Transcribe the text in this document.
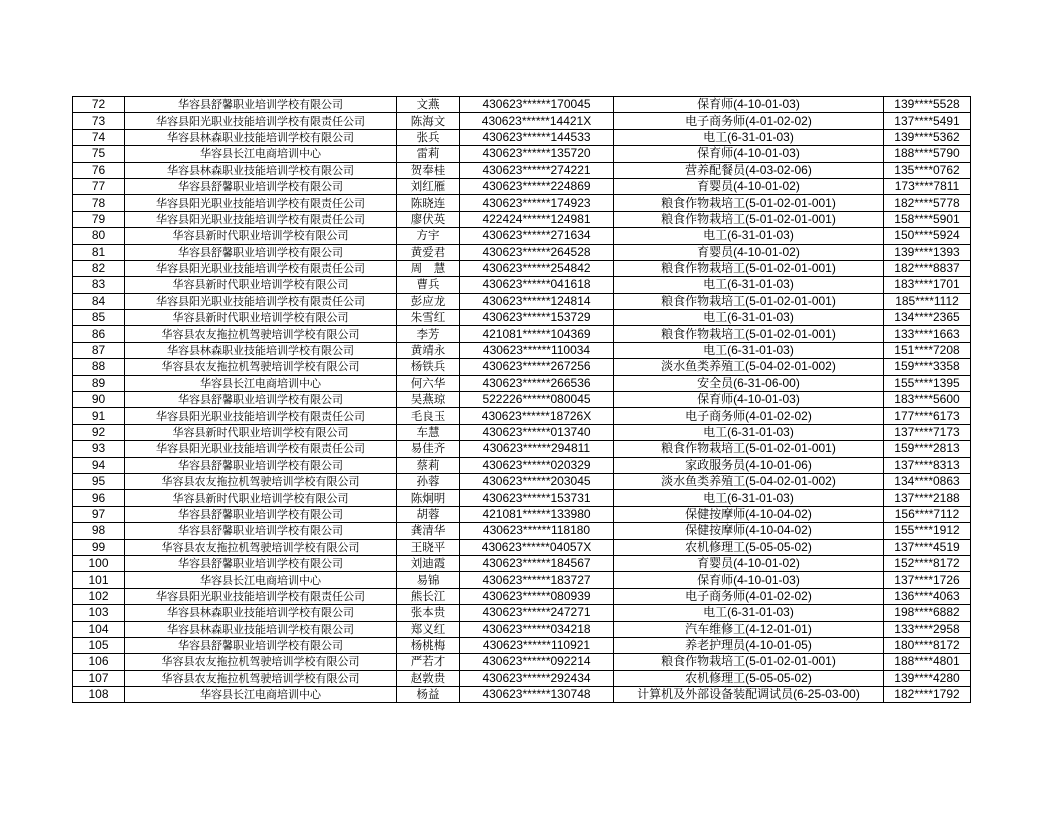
72	华容县舒馨职业培训学校有限公司	文燕	430623******170045	保育师(4-10-01-03)	139****5528
73	华容县阳光职业技能培训学校有限责任公司	陈海文	430623******14421X	电子商务师(4-01-02-02)	137****5491
74	华容县林森职业技能培训学校有限公司	张兵	430623******144533	电工(6-31-01-03)	139****5362
75	华容县长江电商培训中心	雷莉	430623******135720	保育师(4-10-01-03)	188****5790
76	华容县林森职业技能培训学校有限公司	贺奉桂	430623******274221	营养配餐员(4-03-02-06)	135****0762
77	华容县舒馨职业培训学校有限公司	刘红雁	430623******224869	育婴员(4-10-01-02)	173****7811
78	华容县阳光职业技能培训学校有限责任公司	陈晓连	430623******174923	粮食作物栽培工(5-01-02-01-001)	182****5778
79	华容县阳光职业技能培训学校有限责任公司	廖伏英	422424******124981	粮食作物栽培工(5-01-02-01-001)	158****5901
80	华容县新时代职业培训学校有限公司	方宇	430623******271634	电工(6-31-01-03)	150****5924
81	华容县舒馨职业培训学校有限公司	黄爱君	430623******264528	育婴员(4-10-01-02)	139****1393
82	华容县阳光职业技能培训学校有限责任公司	周　慧	430623******254842	粮食作物栽培工(5-01-02-01-001)	182****8837
83	华容县新时代职业培训学校有限公司	曹兵	430623******041618	电工(6-31-01-03)	183****1701
84	华容县阳光职业技能培训学校有限责任公司	彭应龙	430623******124814	粮食作物栽培工(5-01-02-01-001)	185****1112
85	华容县新时代职业培训学校有限公司	朱雪红	430623******153729	电工(6-31-01-03)	134****2365
86	华容县农友拖拉机驾驶培训学校有限公司	李芳	421081******104369	粮食作物栽培工(5-01-02-01-001)	133****1663
87	华容县林森职业技能培训学校有限公司	黄靖永	430623******110034	电工(6-31-01-03)	151****7208
88	华容县农友拖拉机驾驶培训学校有限公司	杨铁兵	430623******267256	淡水鱼类养殖工(5-04-02-01-002)	159****3358
89	华容县长江电商培训中心	何六华	430623******266536	安全员(6-31-06-00)	155****1395
90	华容县舒馨职业培训学校有限公司	吴燕琼	522226******080045	保育师(4-10-01-03)	183****5600
91	华容县阳光职业技能培训学校有限责任公司	毛良玉	430623******18726X	电子商务师(4-01-02-02)	177****6173
92	华容县新时代职业培训学校有限公司	车慧	430623******013740	电工(6-31-01-03)	137****7173
93	华容县阳光职业技能培训学校有限责任公司	易佳齐	430623******294811	粮食作物栽培工(5-01-02-01-001)	159****2813
94	华容县舒馨职业培训学校有限公司	蔡莉	430623******020329	家政服务员(4-10-01-06)	137****8313
95	华容县农友拖拉机驾驶培训学校有限公司	孙蓉	430623******203045	淡水鱼类养殖工(5-04-02-01-002)	134****0863
96	华容县新时代职业培训学校有限公司	陈炯明	430623******153731	电工(6-31-01-03)	137****2188
97	华容县舒馨职业培训学校有限公司	胡蓉	421081******133980	保健按摩师(4-10-04-02)	156****7112
98	华容县舒馨职业培训学校有限公司	龚清华	430623******118180	保健按摩师(4-10-04-02)	155****1912
99	华容县农友拖拉机驾驶培训学校有限公司	王晓平	430623******04057X	农机修理工(5-05-05-02)	137****4519
100	华容县舒馨职业培训学校有限公司	刘迪霞	430623******184567	育婴员(4-10-01-02)	152****8172
101	华容县长江电商培训中心	易锦	430623******183727	保育师(4-10-01-03)	137****1726
102	华容县阳光职业技能培训学校有限责任公司	熊长江	430623******080939	电子商务师(4-01-02-02)	136****4063
103	华容县林森职业技能培训学校有限公司	张本贵	430623******247271	电工(6-31-01-03)	198****6882
104	华容县林森职业技能培训学校有限公司	郑义红	430623******034218	汽车维修工(4-12-01-01)	133****2958
105	华容县舒馨职业培训学校有限公司	杨桃梅	430623******110921	养老护理员(4-10-01-05)	180****8172
106	华容县农友拖拉机驾驶培训学校有限公司	严若才	430623******092214	粮食作物栽培工(5-01-02-01-001)	188****4801
107	华容县农友拖拉机驾驶培训学校有限公司	赵敦贵	430623******292434	农机修理工(5-05-05-02)	139****4280
108	华容县长江电商培训中心	杨益	430623******130748	计算机及外部设备装配调试员(6-25-03-00)	182****1792
